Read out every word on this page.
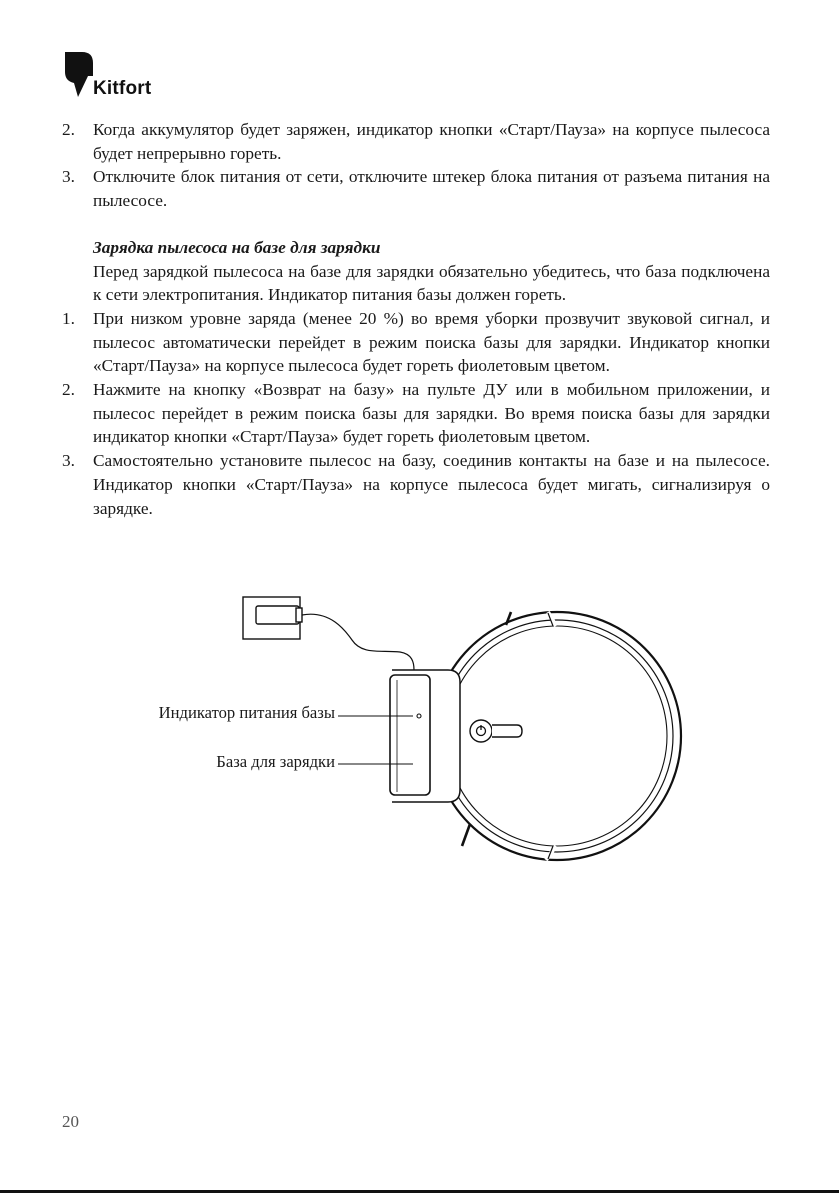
Kitfort
2.	Когда аккумулятор будет заряжен, индикатор кнопки «Старт/Пауза» на корпусе пылесоса будет непрерывно гореть.
3.	Отключите блок питания от сети, отключите штекер блока питания от разъема питания на пылесосе.
Зарядка пылесоса на базе для зарядки
Перед зарядкой пылесоса на базе для зарядки обязательно убедитесь, что база подключена к сети электропитания. Индикатор питания базы должен гореть.
1.	При низком уровне заряда (менее 20 %) во время уборки прозвучит звуковой сигнал, и пылесос автоматически перейдет в режим поиска базы для зарядки. Индикатор кнопки «Старт/Пауза» на корпусе пылесоса будет гореть фиолетовым цветом.
2.	Нажмите на кнопку «Возврат на базу» на пульте ДУ или в мобильном приложении, и пылесос перейдет в режим поиска базы для зарядки. Во время поиска базы для зарядки индикатор кнопки «Старт/Пауза» будет гореть фиолетовым цветом.
3.	Самостоятельно установите пылесос на базу, соединив контакты на базе и на пылесосе. Индикатор кнопки «Старт/Пауза» на корпусе пылесоса будет мигать, сигнализируя о зарядке.
Индикатор питания базы
База для зарядки
20
